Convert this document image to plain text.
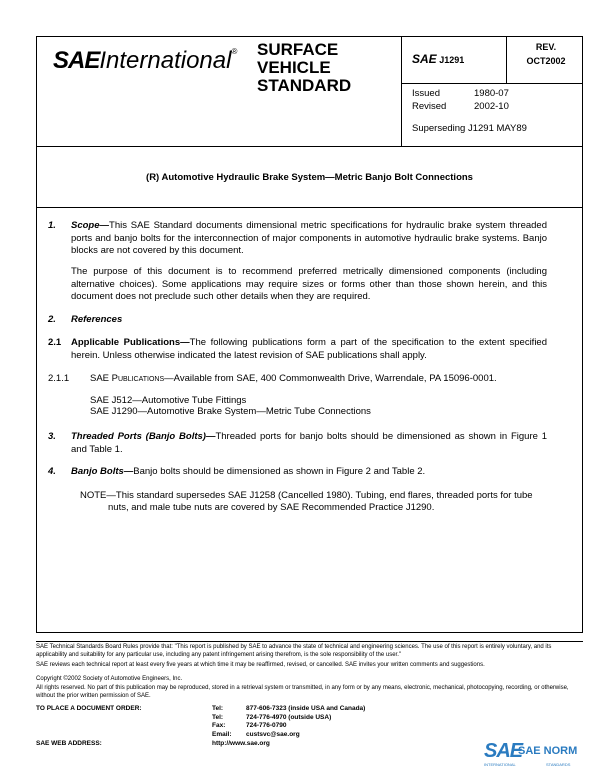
SAEInternational® SURFACE
VEHICLE
STANDARD
SAE J1291
REV.
OCT2002
Issued	1980-07
Revised	2002-10
Superseding J1291 MAY89
(R) Automotive Hydraulic Brake System—Metric Banjo Bolt Connections
1. Scope—This SAE Standard documents dimensional metric specifications for hydraulic brake system threaded ports and banjo bolts for the interconnection of major components in automotive hydraulic brake systems. Banjo blocks are not covered by this document.
The purpose of this document is to recommend preferred metrically dimensioned components (including alternative choices). Some applications may require sizes or forms other than those shown herein, and this document does not preclude such other details when they are required.
2. References
2.1 Applicable Publications—The following publications form a part of the specification to the extent specified herein. Unless otherwise indicated the latest revision of SAE publications shall apply.
2.1.1 SAE Publications—Available from SAE, 400 Commonwealth Drive, Warrendale, PA 15096-0001.
SAE J512—Automotive Tube Fittings
SAE J1290—Automotive Brake System—Metric Tube Connections
3. Threaded Ports (Banjo Bolts)—Threaded ports for banjo bolts should be dimensioned as shown in Figure 1 and Table 1.
4. Banjo Bolts—Banjo bolts should be dimensioned as shown in Figure 2 and Table 2.
NOTE—This standard supersedes SAE J1258 (Cancelled 1980). Tubing, end flares, threaded ports for tube
nuts, and male tube nuts are covered by SAE Recommended Practice J1290.
SAE Technical Standards Board Rules provide that: "This report is published by SAE to advance the state of technical and engineering sciences. The use of this report is entirely voluntary, and its applicability and suitability for any particular use, including any patent infringement arising therefrom, is the sole responsibility of the user."
SAE reviews each technical report at least every five years at which time it may be reaffirmed, revised, or cancelled. SAE invites your written comments and suggestions.
Copyright ©2002 Society of Automotive Engineers, Inc.
All rights reserved. No part of this publication may be reproduced, stored in a retrieval system or transmitted, in any form or by any means, electronic, mechanical, photocopying, recording, or otherwise, without the prior written permission of SAE.
TO PLACE A DOCUMENT ORDER:	Tel:	877-606-7323 (inside USA and Canada)
Tel:	724-776-4970 (outside USA)
Fax:	724-776-0790
Email: custsvc@sae.org
SAE WEB ADDRESS:	http://www.sae.org	SAE
SAE NORM
INTERNATIONAL	STANDARDS
